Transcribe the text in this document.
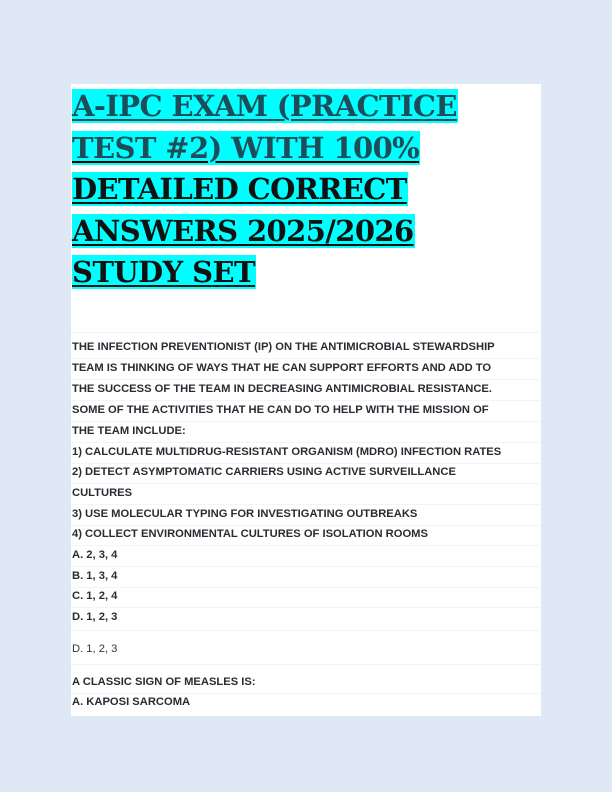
A-IPC EXAM (PRACTICE
TEST #2) WITH 100%
DETAILED CORRECT
ANSWERS 2025/2026
STUDY SET
THE INFECTION PREVENTIONIST (IP) ON THE ANTIMICROBIAL STEWARDSHIP
TEAM IS THINKING OF WAYS THAT HE CAN SUPPORT EFFORTS AND ADD TO
THE SUCCESS OF THE TEAM IN DECREASING ANTIMICROBIAL RESISTANCE.
SOME OF THE ACTIVITIES THAT HE CAN DO TO HELP WITH THE MISSION OF
THE TEAM INCLUDE:
1) CALCULATE MULTIDRUG-RESISTANT ORGANISM (MDRO) INFECTION RATES
2) DETECT ASYMPTOMATIC CARRIERS USING ACTIVE SURVEILLANCE
CULTURES
3) USE MOLECULAR TYPING FOR INVESTIGATING OUTBREAKS
4) COLLECT ENVIRONMENTAL CULTURES OF ISOLATION ROOMS
A. 2, 3, 4
B. 1, 3, 4
C. 1, 2, 4
D. 1, 2, 3
D. 1, 2, 3
A CLASSIC SIGN OF MEASLES IS:
A. KAPOSI SARCOMA
